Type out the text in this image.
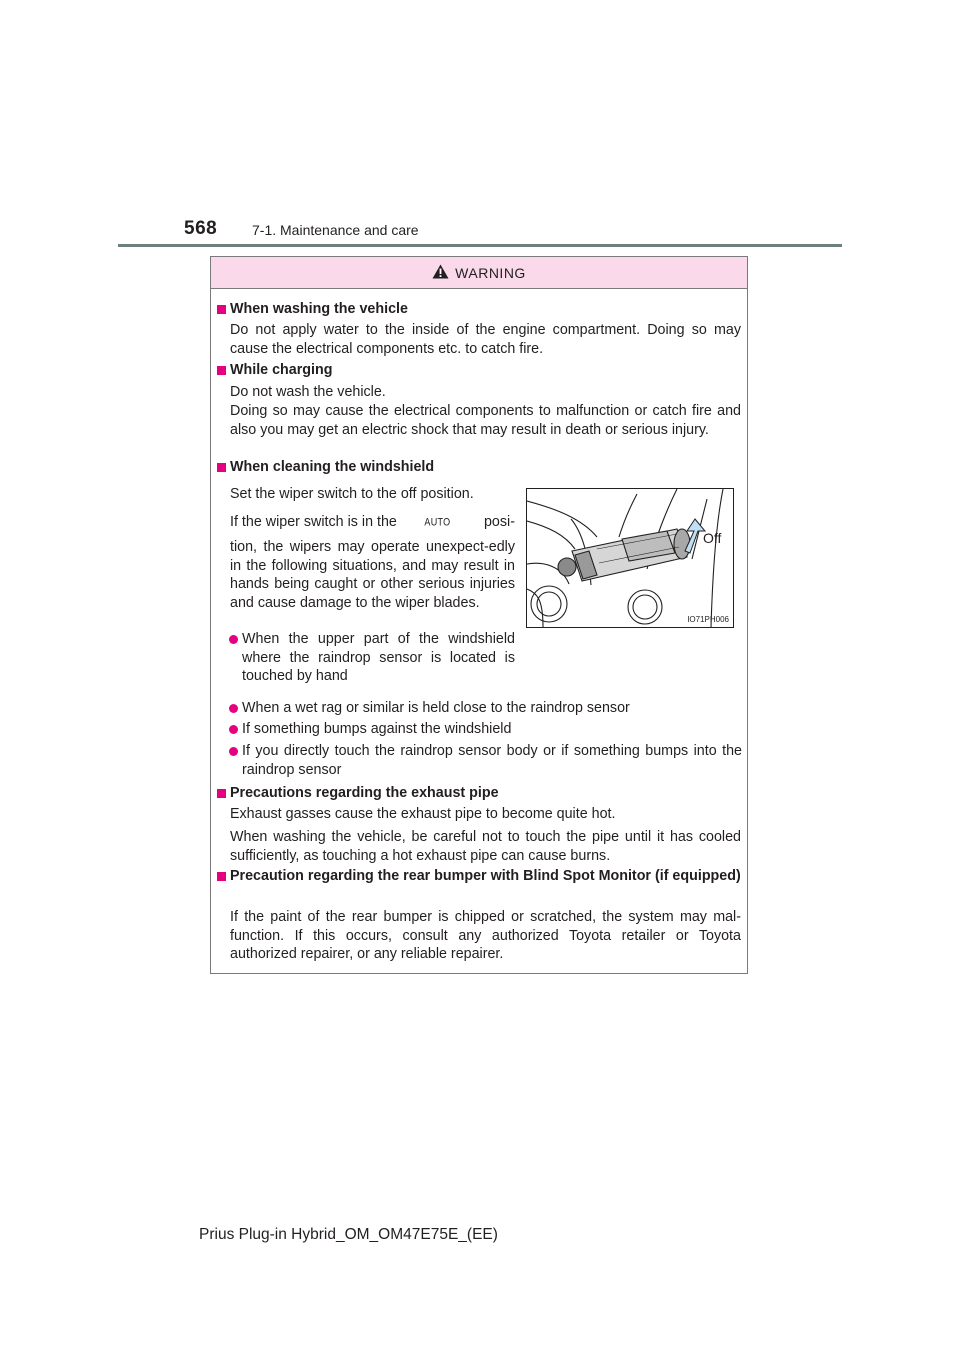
568 7-1. Maintenance and care
WARNING
When washing the vehicle
Do not apply water to the inside of the engine compartment. Doing so may cause the electrical components etc. to catch fire.
While charging
Do not wash the vehicle.
Doing so may cause the electrical components to malfunction or catch fire and also you may get an electric shock that may result in death or serious injury.
When cleaning the windshield
Set the wiper switch to the off position.
If the wiper switch is in the	AUTO posi-
tion, the wipers may operate unexpect-edly in the following situations, and may result in hands being caught or other serious injuries and cause damage to the wiper blades.
When the upper part of the windshield where the raindrop sensor is located is touched by hand
Off
IO71PH006
When a wet rag or similar is held close to the raindrop sensor
If something bumps against the windshield
If you directly touch the raindrop sensor body or if something bumps into the raindrop sensor
Precautions regarding the exhaust pipe
Exhaust gasses cause the exhaust pipe to become quite hot.
When washing the vehicle, be careful not to touch the pipe until it has cooled sufficiently, as touching a hot exhaust pipe can cause burns.
Precaution regarding the rear bumper with Blind Spot Monitor (if equipped)
If the paint of the rear bumper is chipped or scratched, the system may mal-function. If this occurs, consult any authorized Toyota retailer or Toyota authorized repairer, or any reliable repairer.
Prius Plug-in Hybrid_OM_OM47E75E_(EE)
